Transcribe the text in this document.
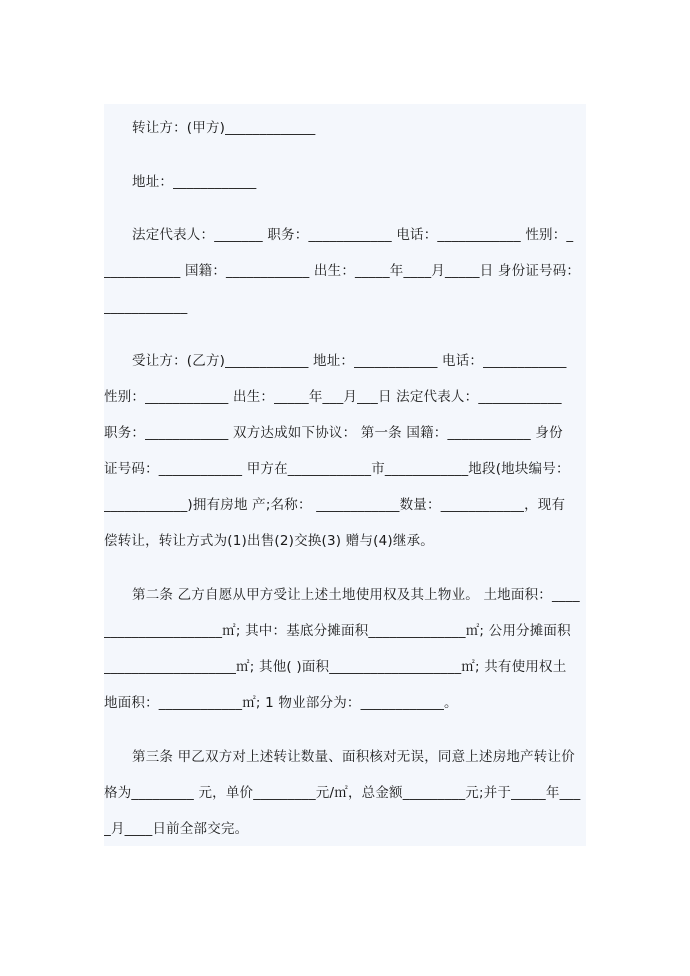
转让方：(甲方)_____________
地址：____________
法定代表人：_______ 职务：____________ 电话：____________ 性别：_
___________ 国籍：____________ 出生：_____年____月_____日 身份证号码：
____________
受让方：(乙方)____________ 地址：____________ 电话：____________
性别：____________ 出生：_____年___月___日 法定代表人：____________
职务：____________ 双方达成如下协议： 第一条 国籍：____________ 身份
证号码：____________ 甲方在____________市____________地段(地块编号：
____________)拥有房地 产;名称： ____________数量：____________，现有
偿转让，转让方式为(1)出售(2)交换(3) 赠与(4)继承。
第二条 乙方自愿从甲方受让上述土地使用权及其上物业。 土地面积：____
_________________㎡; 其中：基底分摊面积______________㎡; 公用分摊面积
___________________㎡; 其他( )面积___________________㎡; 共有使用权土
地面积：____________㎡; 1 物业部分为：____________。
第三条 甲乙双方对上述转让数量、面积核对无误，同意上述房地产转让价
格为_________ 元，单价_________元/㎡，总金额_________元;并于_____年___
_月____日前全部交完。
